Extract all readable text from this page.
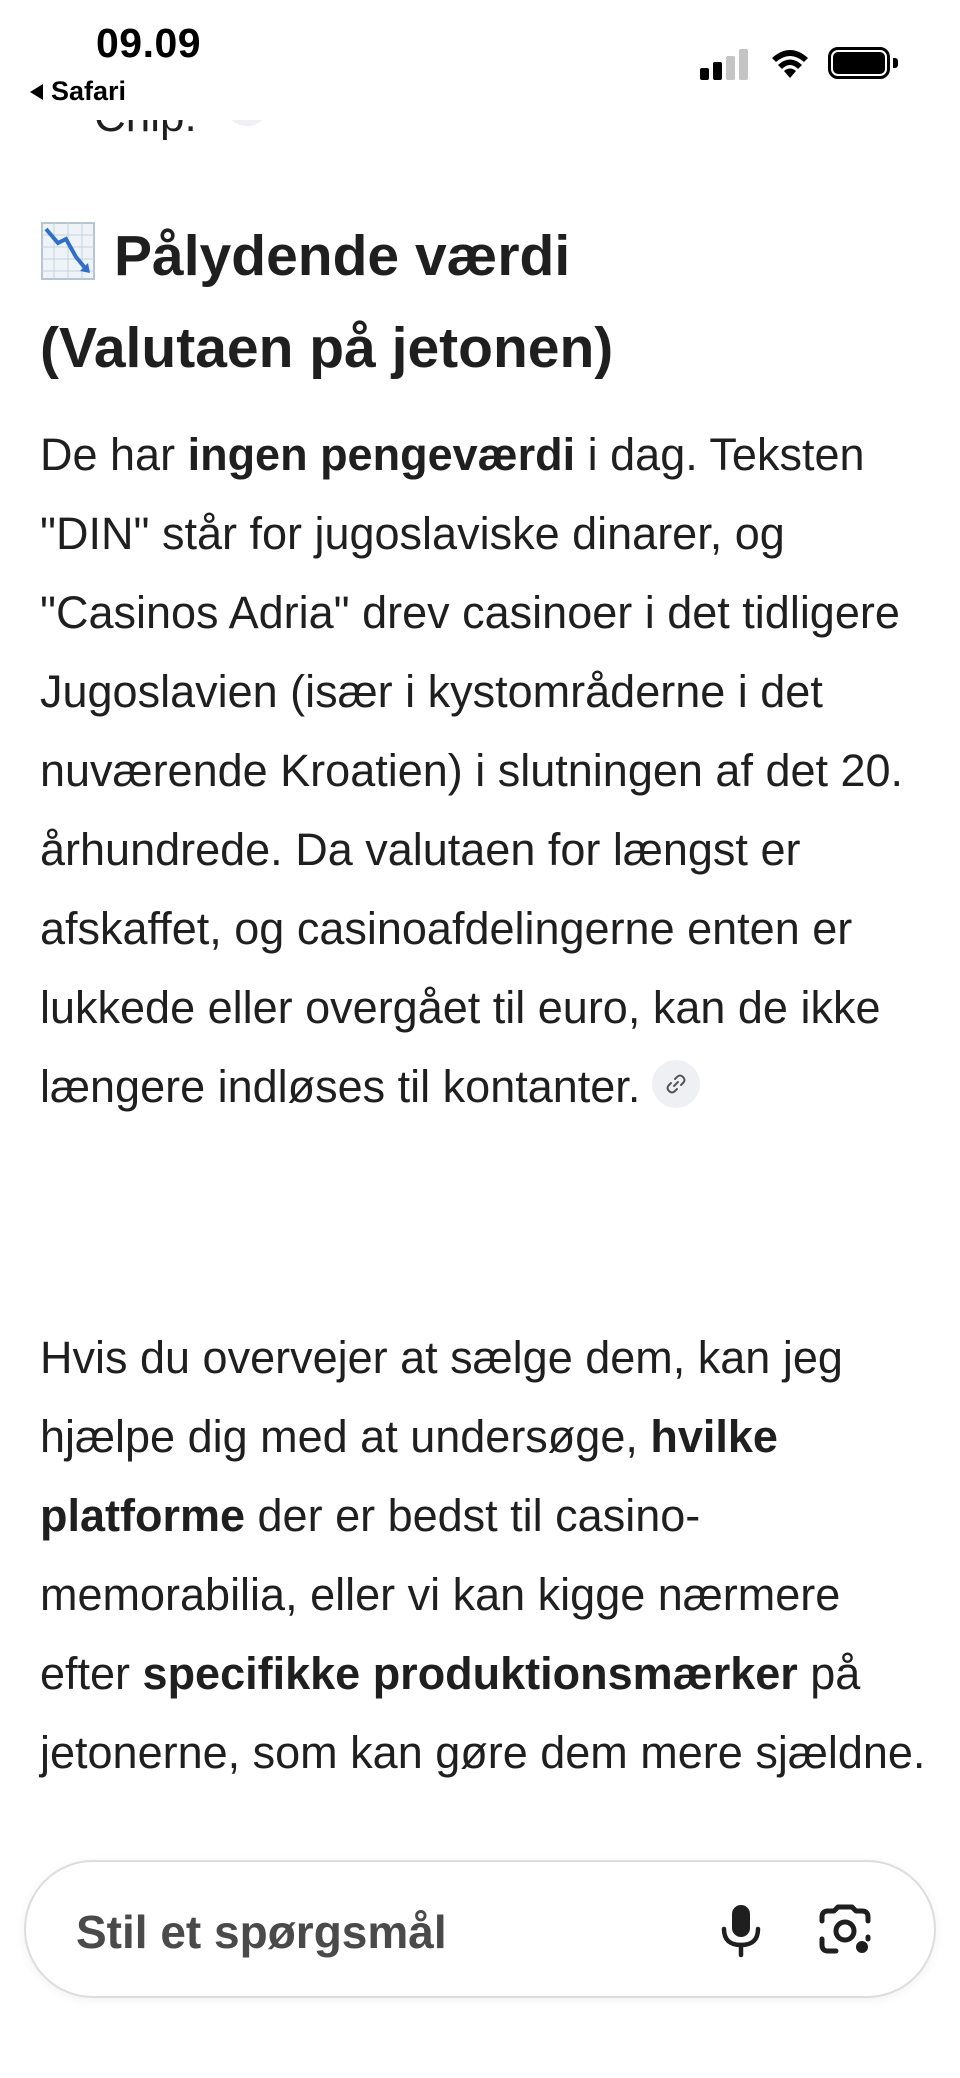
09.09
Safari
Pålydende værdi
(Valutaen på jetonen)

De har ingen pengeværdi i dag. Teksten "DIN" står for jugoslaviske dinarer, og "Casinos Adria" drev casinoer i det tidligere Jugoslavien (især i kystområderne i det nuværende Kroatien) i slutningen af det 20. århundrede. Da valutaen for længst er afskaffet, og casinoafdelingerne enten er lukkede eller overgået til euro, kan de ikke længere indløses til kontanter.

Hvis du overvejer at sælge dem, kan jeg hjælpe dig med at undersøge, hvilke platforme der er bedst til casino-memorabilia, eller vi kan kigge nærmere efter specifikke produktionsmærker på jetonerne, som kan gøre dem mere sjældne.

Stil et spørgsmål
